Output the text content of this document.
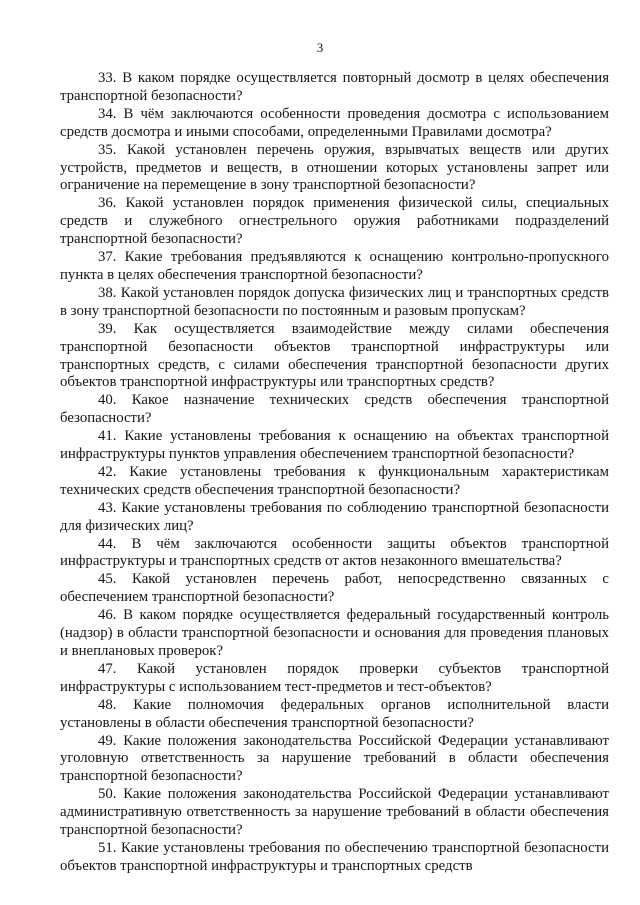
3

33. В каком порядке осуществляется повторный досмотр в целях обеспечения транспортной безопасности?

34. В чём заключаются особенности проведения досмотра с использованием средств досмотра и иными способами, определенными Правилами досмотра?

35. Какой установлен перечень оружия, взрывчатых веществ или других устройств, предметов и веществ, в отношении которых установлены запрет или ограничение на перемещение в зону транспортной безопасности?

36. Какой установлен порядок применения физической силы, специальных средств и служебного огнестрельного оружия работниками подразделений транспортной безопасности?

37. Какие требования предъявляются к оснащению контрольно-пропускного пункта в целях обеспечения транспортной безопасности?

38. Какой установлен порядок допуска физических лиц и транспортных средств в зону транспортной безопасности по постоянным и разовым пропускам?

39. Как осуществляется взаимодействие между силами обеспечения транспортной безопасности объектов транспортной инфраструктуры или транспортных средств, с силами обеспечения транспортной безопасности других объектов транспортной инфраструктуры или транспортных средств?

40. Какое назначение технических средств обеспечения транспортной безопасности?

41. Какие установлены требования к оснащению на объектах транспортной инфраструктуры пунктов управления обеспечением транспортной безопасности?

42. Какие установлены требования к функциональным характеристикам технических средств обеспечения транспортной безопасности?

43. Какие установлены требования по соблюдению транспортной безопасности для физических лиц?

44. В чём заключаются особенности защиты объектов транспортной инфраструктуры и транспортных средств от актов незаконного вмешательства?

45. Какой установлен перечень работ, непосредственно связанных с обеспечением транспортной безопасности?

46. В каком порядке осуществляется федеральный государственный контроль (надзор) в области транспортной безопасности и основания для проведения плановых и внеплановых проверок?

47. Какой установлен порядок проверки субъектов транспортной инфраструктуры с использованием тест-предметов и тест-объектов?

48. Какие полномочия федеральных органов исполнительной власти установлены в области обеспечения транспортной безопасности?

49. Какие положения законодательства Российской Федерации устанавливают уголовную ответственность за нарушение требований в области обеспечения транспортной безопасности?

50. Какие положения законодательства Российской Федерации устанавливают административную ответственность за нарушение требований в области обеспечения транспортной безопасности?

51. Какие установлены требования по обеспечению транспортной безопасности объектов транспортной инфраструктуры и транспортных средств
